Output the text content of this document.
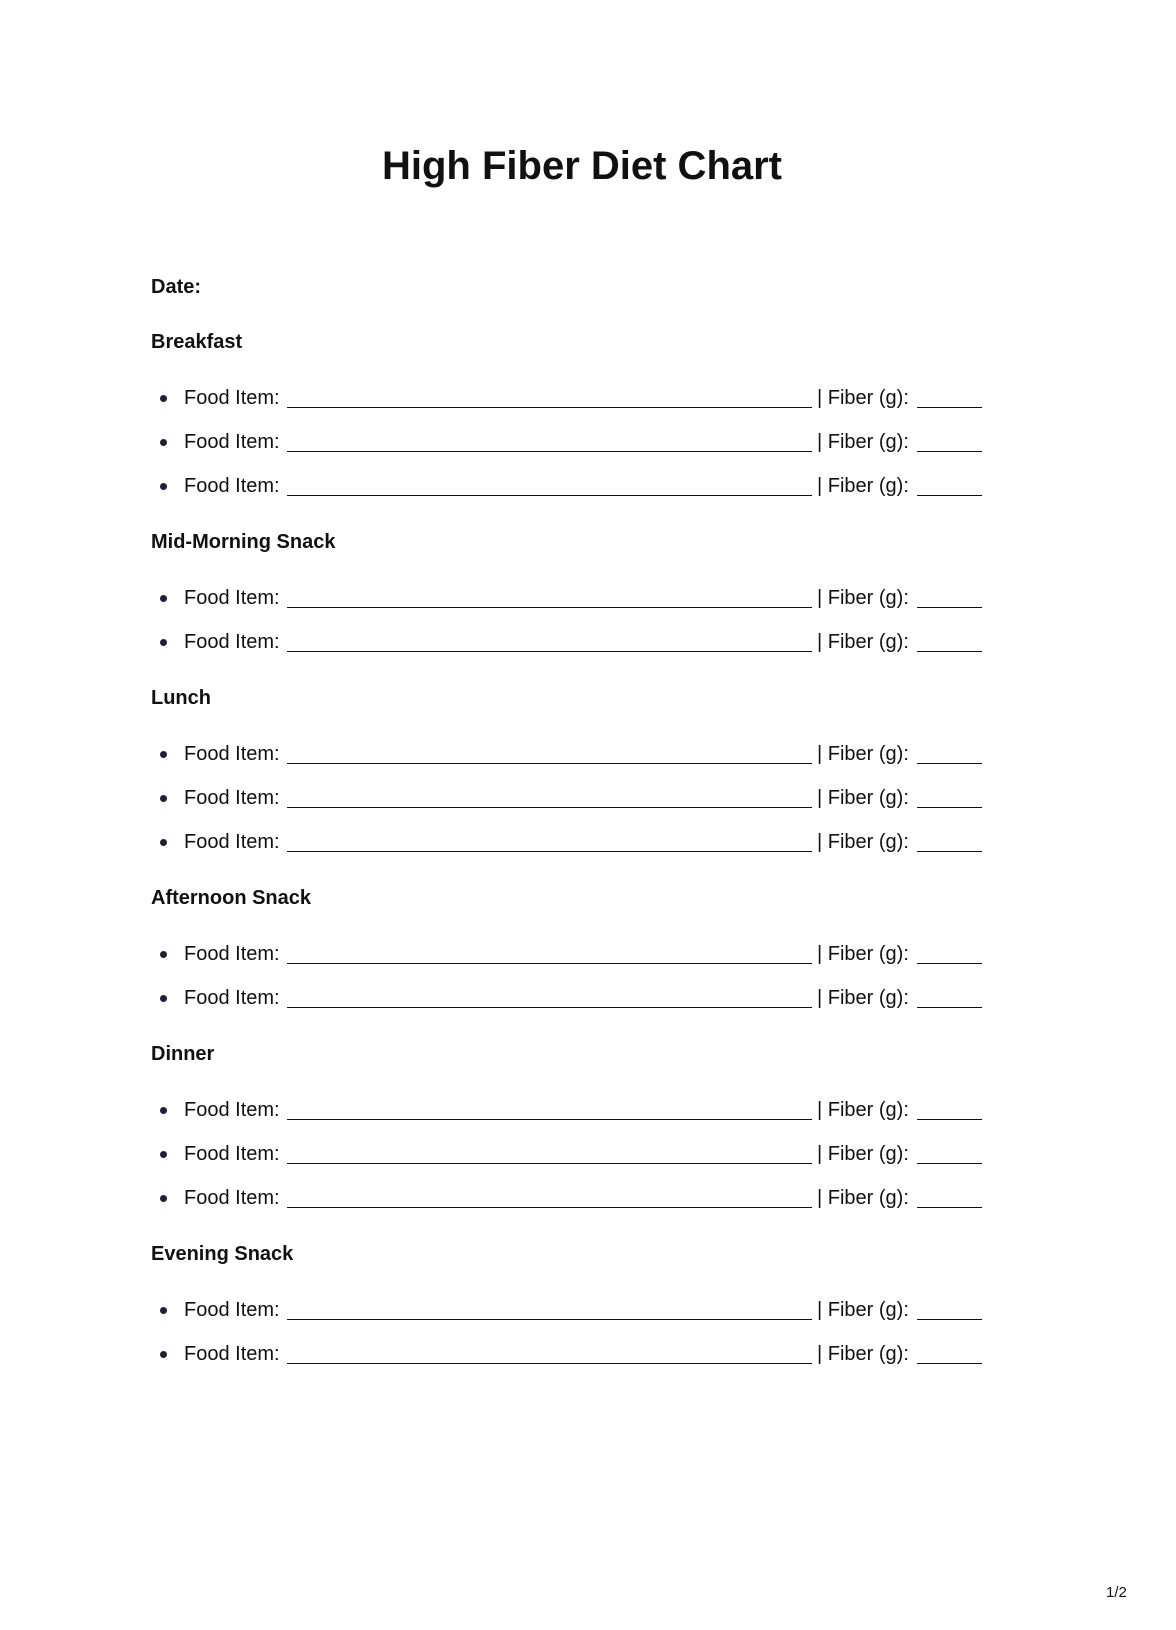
High Fiber Diet Chart
Date:
Breakfast
Food Item:	| Fiber (g):
Food Item:	| Fiber (g):
Food Item:	| Fiber (g):
Mid-Morning Snack
Food Item:	| Fiber (g):
Food Item:	| Fiber (g):
Lunch
Food Item:	| Fiber (g):
Food Item:	| Fiber (g):
Food Item:	| Fiber (g):
Afternoon Snack
Food Item:	| Fiber (g):
Food Item:	| Fiber (g):
Dinner
Food Item:	| Fiber (g):
Food Item:	| Fiber (g):
Food Item:	| Fiber (g):
Evening Snack
Food Item:	| Fiber (g):
Food Item:	| Fiber (g):
1/2
